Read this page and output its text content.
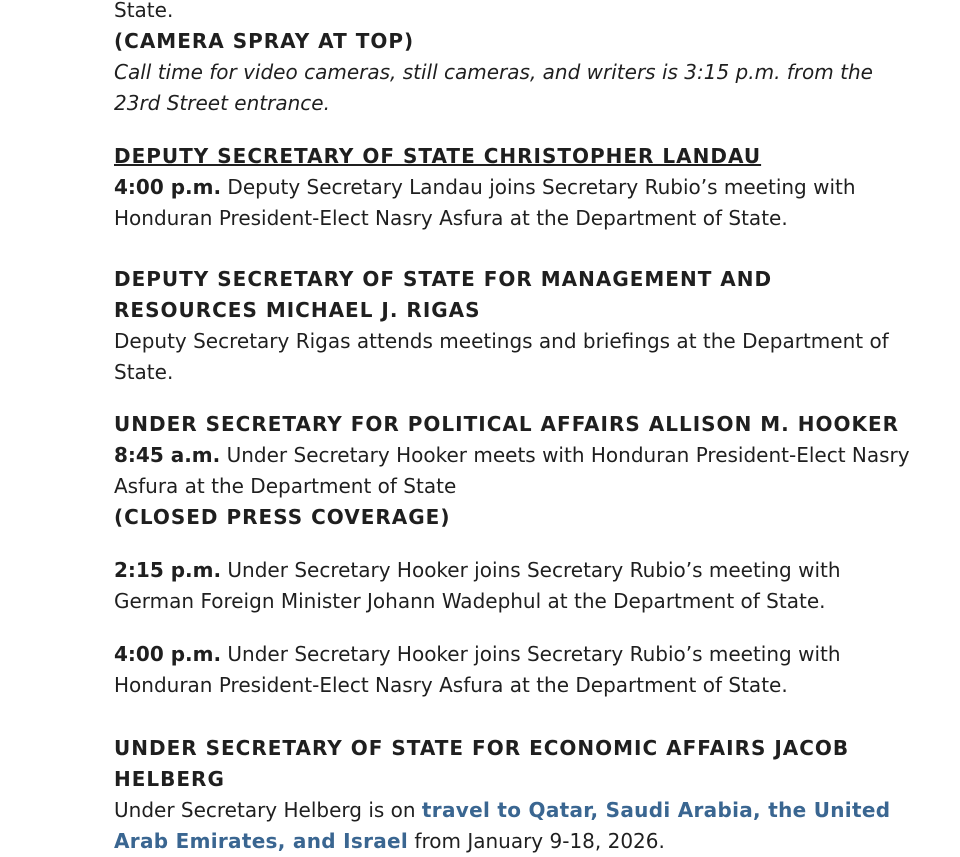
State.

(CAMERA SPRAY AT TOP)

Call time for video cameras, still cameras, and writers is 3:15 p.m. from the 23rd Street entrance.

DEPUTY SECRETARY OF STATE CHRISTOPHER LANDAU

4:00 p.m. Deputy Secretary Landau joins Secretary Rubio’s meeting with Honduran President-Elect Nasry Asfura at the Department of State.

DEPUTY SECRETARY OF STATE FOR MANAGEMENT AND RESOURCES MICHAEL J. RIGAS

Deputy Secretary Rigas attends meetings and briefings at the Department of State.

UNDER SECRETARY FOR POLITICAL AFFAIRS ALLISON M. HOOKER

8:45 a.m. Under Secretary Hooker meets with Honduran President-Elect Nasry Asfura at the Department of State

(CLOSED PRESS COVERAGE)

2:15 p.m. Under Secretary Hooker joins Secretary Rubio’s meeting with German Foreign Minister Johann Wadephul at the Department of State.

4:00 p.m. Under Secretary Hooker joins Secretary Rubio’s meeting with Honduran President-Elect Nasry Asfura at the Department of State.

UNDER SECRETARY OF STATE FOR ECONOMIC AFFAIRS JACOB HELBERG

Under Secretary Helberg is on travel to Qatar, Saudi Arabia, the United Arab Emirates, and Israel from January 9-18, 2026.
